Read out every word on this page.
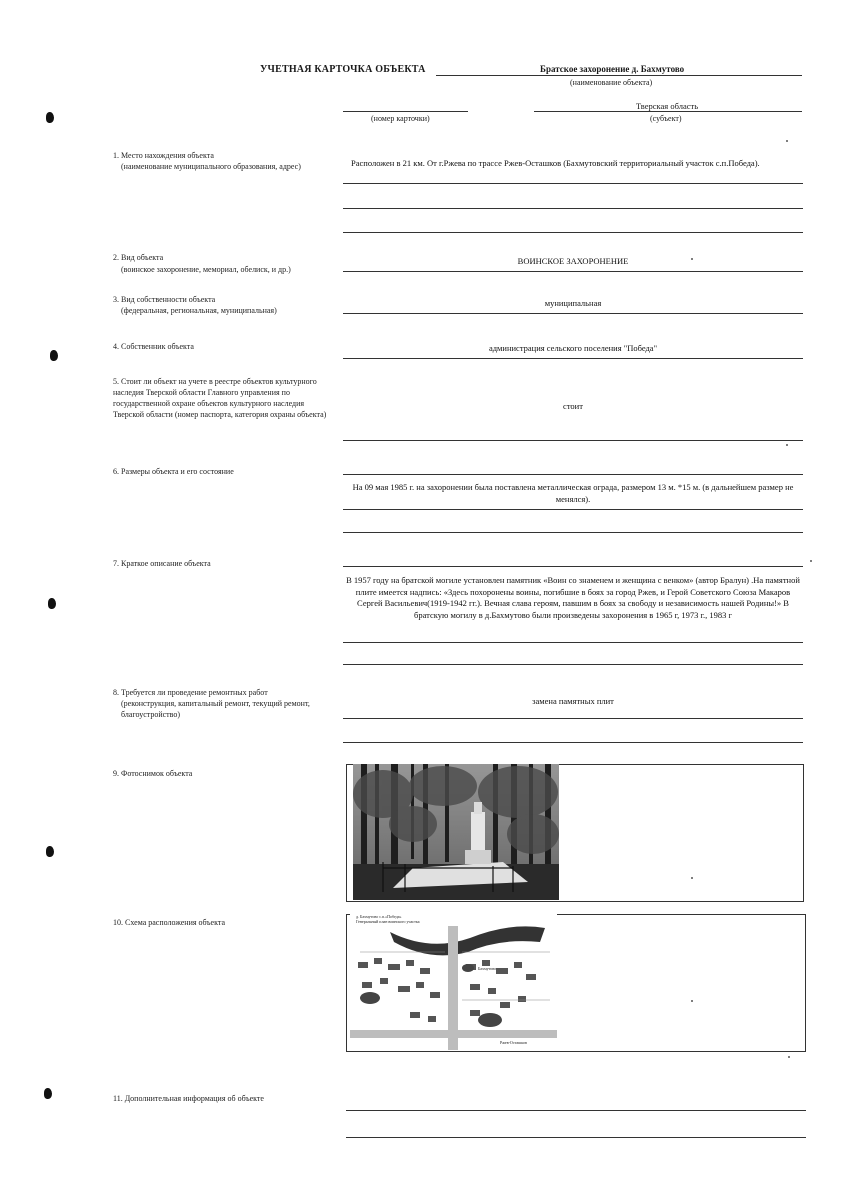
УЧЕТНАЯ КАРТОЧКА ОБЪЕКТА	Братское захоронение д. Бахмутово
(наименование объекта)
(номер карточки)
Тверская область
(субъект)
1. Место нахождения объекта
(наименование муниципального образования, адрес)	Расположен в 21 км. От г.Ржева по трассе Ржев-Осташков (Бахмутовский территориальный участок с.п.Победа).
2. Вид объекта
(воинское захоронение, мемориал, обелиск, и др.)
ВОИНСКОЕ ЗАХОРОНЕНИЕ
3. Вид собственности объекта
(федеральная, региональная, муниципальная)
муниципальная
4. Собственник объекта	администрация сельского поселения "Победа"
5. Стоит ли объект на учете в реестре объектов культурного наследия Тверской области Главного управления по государственной охране объектов культурного наследия Тверской области (номер паспорта, категория охраны объекта)
стоит
6. Размеры объекта и его состояние
На 09 мая 1985 г. на захоронении была поставлена металлическая ограда, размером 13 м. *15 м. (в дальнейшем размер не менялся).
7. Краткое описание объекта
В 1957 году на братской могиле установлен памятник «Воин со знаменем и женщина с венком» (автор Бралун) .На памятной плите имеется надпись: «Здесь похоронены воины, погибшие в боях за город Ржев, и Герой Советского Союза Макаров Сергей Васильевич(1919-1942 гг.). Вечная слава героям, павшим в боях за свободу и независимость нашей Родины!» В братскую могилу в д.Бахмутово были произведены захоронения в 1965 г, 1973 г., 1983 г
8. Требуется ли проведение ремонтных работ
(реконструкция, капитальный ремонт, текущий ремонт, благоустройство)
замена памятных плит
9. Фотоснимок объекта
10. Схема расположения объекта
д. Бахмутово с.п.«Победа»
Генеральный план воинского участка
Бахмутово
Ржев-Осташков
11. Дополнительная информация об объекте
